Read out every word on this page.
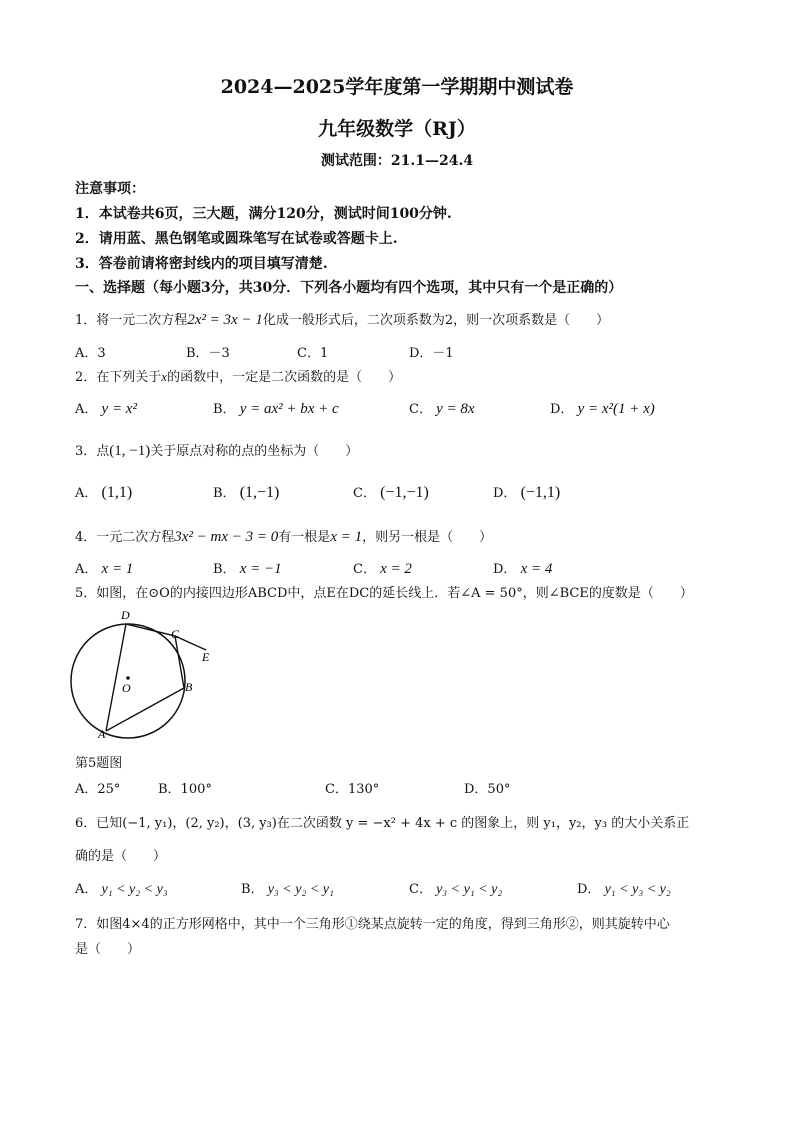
2024—2025学年度第一学期期中测试卷
九年级数学（RJ）
测试范围：21.1—24.4
注意事项：
1．本试卷共6页，三大题，满分120分，测试时间100分钟.
2．请用蓝、黑色钢笔或圆珠笔写在试卷或答题卡上.
3．答卷前请将密封线内的项目填写清楚.
一、选择题（每小题3分，共30分．下列各小题均有四个选项，其中只有一个是正确的）
1．将一元二次方程2x² = 3x − 1化成一般形式后，二次项系数为2，则一次项系数是（　　）
A．3	B．－3	C．1	D．－1
2．在下列关于x的函数中，一定是二次函数的是（　　）
A． y = x²	B． y = ax² + bx + c	C． y = 8x	D． y = x²(1 + x)
3．点(1, −1)关于原点对称的点的坐标为（　　）
A． (1,1)	B． (1,−1)	C． (−1,−1)	D． (−1,1)
4．一元二次方程3x² − mx − 3 = 0有一根是x = 1，则另一根是（　　）
A． x = 1	B． x = −1	C． x = 2	D． x = 4
5．如图，在⊙O的内接四边形ABCD中，点E在DC的延长线上．若∠A = 50°，则∠BCE的度数是（　　）
D
C
E
O	B
A
第5题图
A．25°	B．100°	C．130°	D．50°
6．已知(−1, y₁)，(2, y₂)，(3, y₃)在二次函数 y = −x² + 4x + c 的图象上，则 y₁，y₂，y₃ 的大小关系正
确的是（　　）
A． y₁ < y₂ < y₃	B． y₃ < y₂ < y₁	C． y₃ < y₁ < y₂	D． y₁ < y₃ < y₂
7．如图4×4的正方形网格中，其中一个三角形①绕某点旋转一定的角度，得到三角形②，则其旋转中心
是（　　）
